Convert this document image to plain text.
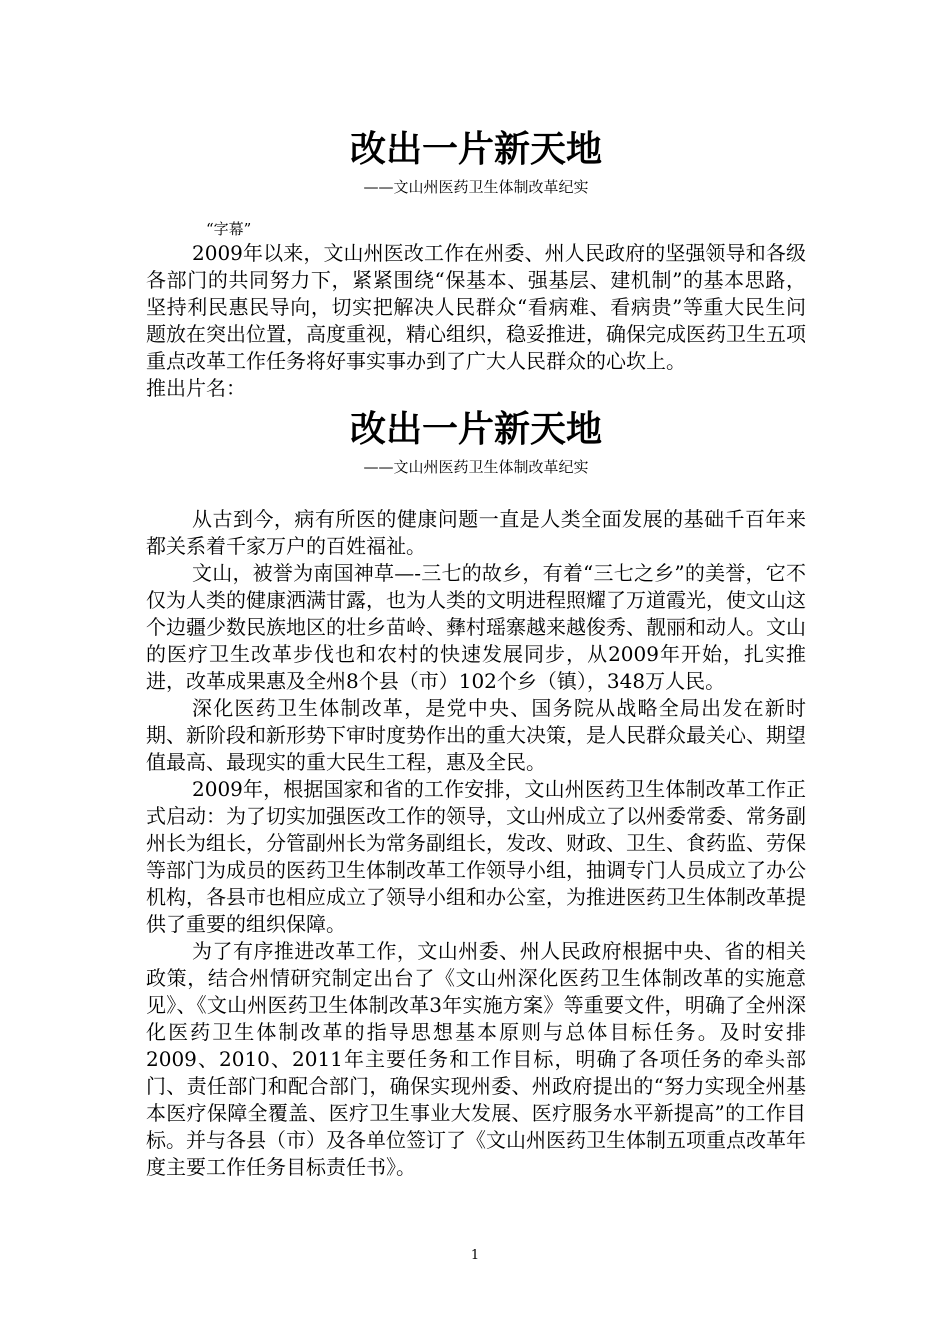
改出一片新天地

——文山州医药卫生体制改革纪实

“字幕”

2009年以来，文山州医改工作在州委、州人民政府的坚强领导和各级各部门的共同努力下，紧紧围绕“保基本、强基层、建机制”的基本思路，坚持利民惠民导向，切实把解决人民群众“看病难、看病贵”等重大民生问题放在突出位置，高度重视，精心组织，稳妥推进，确保完成医药卫生五项重点改革工作任务将好事实事办到了广大人民群众的心坎上。

推出片名：

改出一片新天地

——文山州医药卫生体制改革纪实

从古到今，病有所医的健康问题一直是人类全面发展的基础千百年来都关系着千家万户的百姓福祉。

文山，被誉为南国神草—-三七的故乡，有着“三七之乡”的美誉，它不仅为人类的健康洒满甘露，也为人类的文明进程照耀了万道霞光，使文山这个边疆少数民族地区的壮乡苗岭、彝村瑶寨越来越俊秀、靓丽和动人。文山的医疗卫生改革步伐也和农村的快速发展同步，从2009年开始，扎实推进，改革成果惠及全州8个县（市）102个乡（镇），348万人民。

深化医药卫生体制改革，是党中央、国务院从战略全局出发在新时期、新阶段和新形势下审时度势作出的重大决策，是人民群众最关心、期望值最高、最现实的重大民生工程，惠及全民。

2009年，根据国家和省的工作安排，文山州医药卫生体制改革工作正式启动：为了切实加强医改工作的领导，文山州成立了以州委常委、常务副州长为组长，分管副州长为常务副组长，发改、财政、卫生、食药监、劳保等部门为成员的医药卫生体制改革工作领导小组，抽调专门人员成立了办公机构，各县市也相应成立了领导小组和办公室，为推进医药卫生体制改革提供了重要的组织保障。

为了有序推进改革工作，文山州委、州人民政府根据中央、省的相关政策，结合州情研究制定出台了《文山州深化医药卫生体制改革的实施意见》、《文山州医药卫生体制改革3年实施方案》等重要文件，明确了全州深化医药卫生体制改革的指导思想基本原则与总体目标任务。及时安排2009、2010、2011年主要任务和工作目标，明确了各项任务的牵头部门、责任部门和配合部门，确保实现州委、州政府提出的“努力实现全州基本医疗保障全覆盖、医疗卫生事业大发展、医疗服务水平新提高”的工作目标。并与各县（市）及各单位签订了《文山州医药卫生体制五项重点改革年度主要工作任务目标责任书》。

1
